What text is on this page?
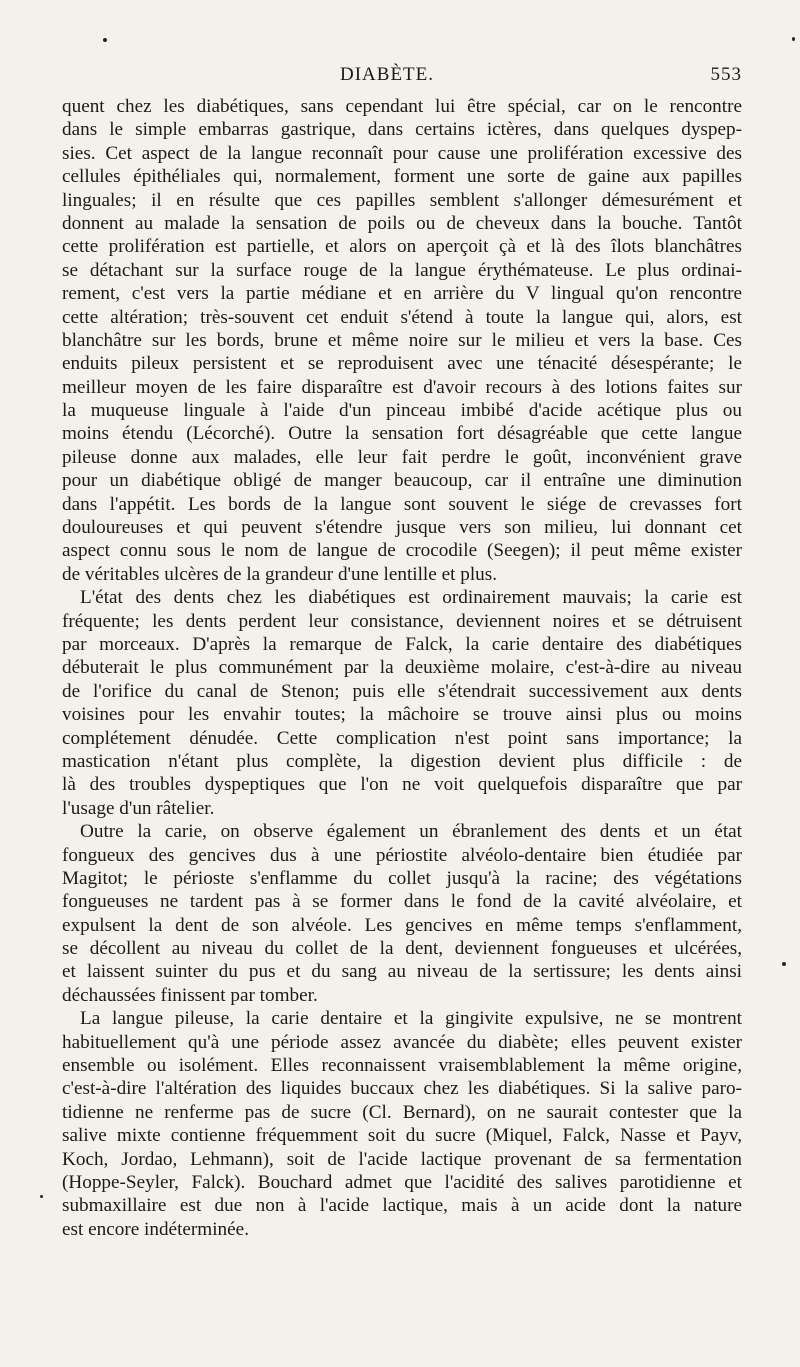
DIABÈTE.	553
quent chez les diabétiques, sans cependant lui être spécial, car on le rencontre
dans le simple embarras gastrique, dans certains ictères, dans quelques dyspep-
sies. Cet aspect de la langue reconnaît pour cause une prolifération excessive des
cellules épithéliales qui, normalement, forment une sorte de gaine aux papilles
linguales; il en résulte que ces papilles semblent s'allonger démesurément et
donnent au malade la sensation de poils ou de cheveux dans la bouche. Tantôt
cette prolifération est partielle, et alors on aperçoit çà et là des îlots blanchâtres
se détachant sur la surface rouge de la langue érythémateuse. Le plus ordinai-
rement, c'est vers la partie médiane et en arrière du V lingual qu'on rencontre
cette altération; très-souvent cet enduit s'étend à toute la langue qui, alors, est
blanchâtre sur les bords, brune et même noire sur le milieu et vers la base. Ces
enduits pileux persistent et se reproduisent avec une ténacité désespérante; le
meilleur moyen de les faire disparaître est d'avoir recours à des lotions faites sur
la muqueuse linguale à l'aide d'un pinceau imbibé d'acide acétique plus ou
moins étendu (Lécorché). Outre la sensation fort désagréable que cette langue
pileuse donne aux malades, elle leur fait perdre le goût, inconvénient grave
pour un diabétique obligé de manger beaucoup, car il entraîne une diminution
dans l'appétit. Les bords de la langue sont souvent le siége de crevasses fort
douloureuses et qui peuvent s'étendre jusque vers son milieu, lui donnant cet
aspect connu sous le nom de langue de crocodile (Seegen); il peut même exister
de véritables ulcères de la grandeur d'une lentille et plus.
L'état des dents chez les diabétiques est ordinairement mauvais; la carie est
fréquente; les dents perdent leur consistance, deviennent noires et se détruisent
par morceaux. D'après la remarque de Falck, la carie dentaire des diabétiques
débuterait le plus communément par la deuxième molaire, c'est-à-dire au niveau
de l'orifice du canal de Stenon; puis elle s'étendrait successivement aux dents
voisines pour les envahir toutes; la mâchoire se trouve ainsi plus ou moins
complétement dénudée. Cette complication n'est point sans importance; la
mastication n'étant plus complète, la digestion devient plus difficile : de
là des troubles dyspeptiques que l'on ne voit quelquefois disparaître que par
l'usage d'un râtelier.
Outre la carie, on observe également un ébranlement des dents et un état
fongueux des gencives dus à une périostite alvéolo-dentaire bien étudiée par
Magitot; le périoste s'enflamme du collet jusqu'à la racine; des végétations
fongueuses ne tardent pas à se former dans le fond de la cavité alvéolaire, et
expulsent la dent de son alvéole. Les gencives en même temps s'enflamment,
se décollent au niveau du collet de la dent, deviennent fongueuses et ulcérées,
et laissent suinter du pus et du sang au niveau de la sertissure; les dents ainsi
déchaussées finissent par tomber.
La langue pileuse, la carie dentaire et la gingivite expulsive, ne se montrent
habituellement qu'à une période assez avancée du diabète; elles peuvent exister
ensemble ou isolément. Elles reconnaissent vraisemblablement la même origine,
c'est-à-dire l'altération des liquides buccaux chez les diabétiques. Si la salive paro-
tidienne ne renferme pas de sucre (Cl. Bernard), on ne saurait contester que la
salive mixte contienne fréquemment soit du sucre (Miquel, Falck, Nasse et Payv,
Koch, Jordao, Lehmann), soit de l'acide lactique provenant de sa fermentation
(Hoppe-Seyler, Falck). Bouchard admet que l'acidité des salives parotidienne et
submaxillaire est due non à l'acide lactique, mais à un acide dont la nature
est encore indéterminée.
